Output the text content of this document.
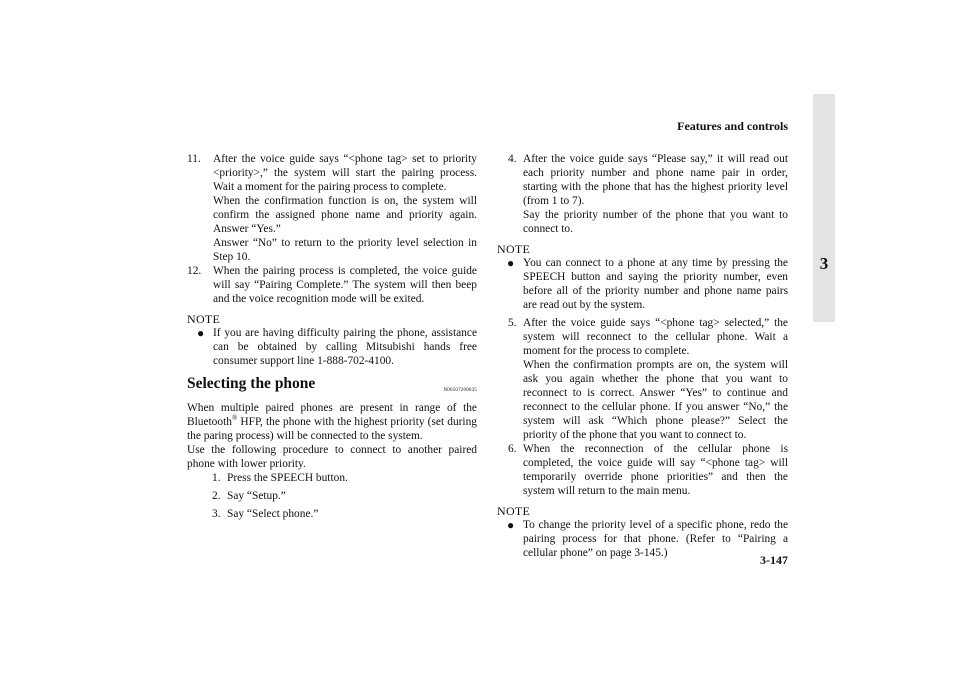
Features and controls
3
11. After the voice guide says “<phone tag> set to priority <priority>,” the system will start the pairing process. Wait a moment for the pairing process to complete.
When the confirmation function is on, the system will confirm the assigned phone name and priority again. Answer “Yes.”
Answer “No” to return to the priority level selection in Step 10.
12. When the pairing process is completed, the voice guide will say “Pairing Complete.” The system will then beep and the voice recognition mode will be exited.
NOTE
● If you are having difficulty pairing the phone, assistance can be obtained by calling Mitsubishi hands free consumer support line 1-888-702-4100.
Selecting the phone	N00507200035

When multiple paired phones are present in range of the Bluetooth® HFP, the phone with the highest priority (set during the paring process) will be connected to the system.

Use the following procedure to connect to another paired phone with lower priority.

1. Press the SPEECH button.
2. Say “Setup.”
3. Say “Select phone.”
4. After the voice guide says “Please say,” it will read out each priority number and phone name pair in order, starting with the phone that has the highest priority level (from 1 to 7).
Say the priority number of the phone that you want to connect to.
NOTE
● You can connect to a phone at any time by pressing the SPEECH button and saying the priority number, even before all of the priority number and phone name pairs are read out by the system.
5. After the voice guide says “<phone tag> selected,” the system will reconnect to the cellular phone. Wait a moment for the process to complete.
When the confirmation prompts are on, the system will ask you again whether the phone that you want to reconnect to is correct. Answer “Yes” to continue and reconnect to the cellular phone. If you answer “No,” the system will ask “Which phone please?” Select the priority of the phone that you want to connect to.
6. When the reconnection of the cellular phone is completed, the voice guide will say “<phone tag> will temporarily override phone priorities” and then the system will return to the main menu.
NOTE
● To change the priority level of a specific phone, redo the pairing process for that phone. (Refer to “Pairing a cellular phone” on page 3-145.)	3-147
